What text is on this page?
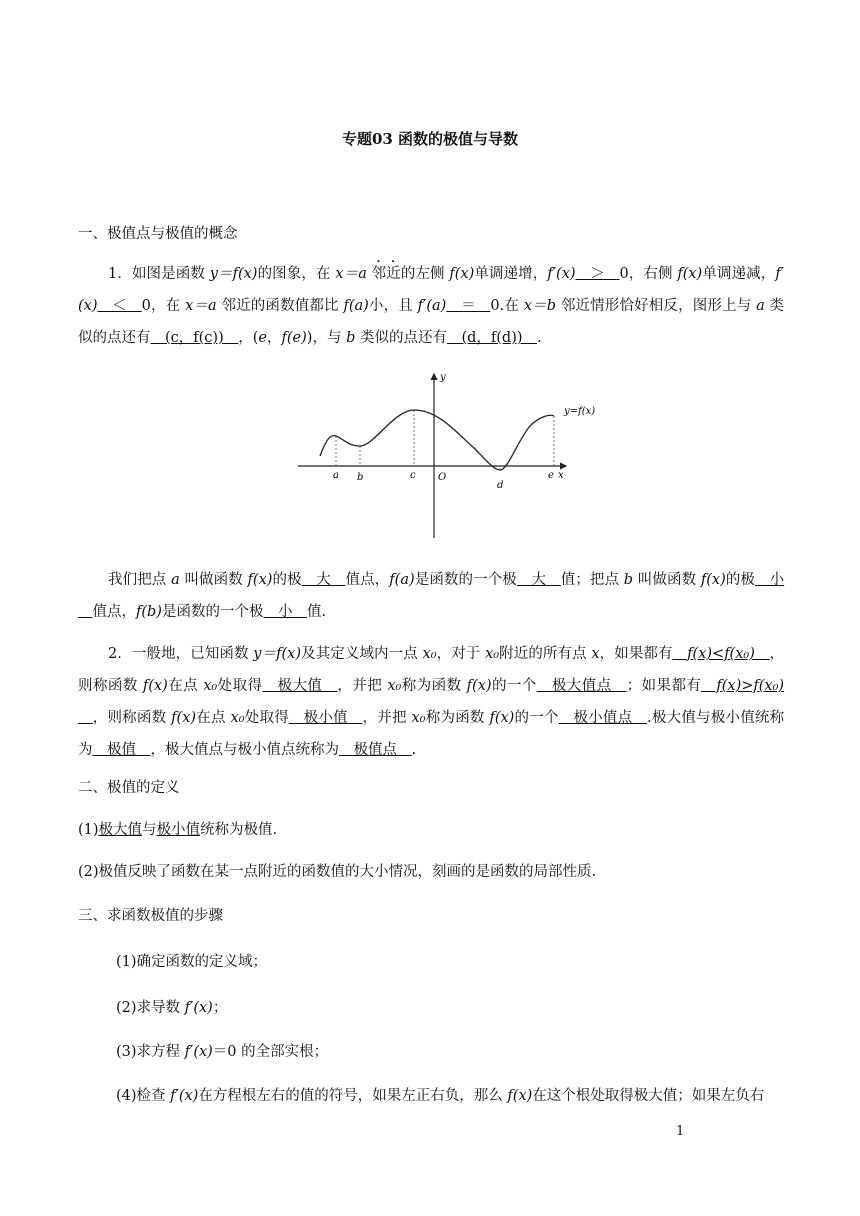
专题03 函数的极值与导数
一、极值点与极值的概念
1．如图是函数 y＝f(x)的图象，在 x＝a 邻近的左侧 f(x)单调递增，f′(x)＿＞＿0，右侧 f(x)单调递减，f′(x)＿＜＿0，在 x＝a 邻近的函数值都比 f(a)小，且 f′(a)＿＝＿0.在 x＝b 邻近情形恰好相反，图形上与 a 类似的点还有＿(c，f(c))＿，(e，f(e))，与 b 类似的点还有＿(d，f(d))＿.
a b	c
d
e
O	x
y
y=f(x)
我们把点 a 叫做函数 f(x)的极＿大＿值点，f(a)是函数的一个极＿大＿值；把点 b 叫做函数 f(x)的极＿小＿值点，f(b)是函数的一个极＿小＿值.
2．一般地，已知函数 y＝f(x)及其定义域内一点 x₀，对于 x₀附近的所有点 x，如果都有＿f(x)<f(x₀)＿，则称函数 f(x)在点 x₀处取得＿极大值＿，并把 x₀称为函数 f(x)的一个＿极大值点＿；如果都有＿f(x)>f(x₀)＿，则称函数 f(x)在点 x₀处取得＿极小值＿，并把 x₀称为函数 f(x)的一个＿极小值点＿.极大值与极小值统称为＿极值＿，极大值点与极小值点统称为＿极值点＿.
二、极值的定义
(1)极大值与极小值统称为极值.
(2)极值反映了函数在某一点附近的函数值的大小情况，刻画的是函数的局部性质.
三、求函数极值的步骤
(1)确定函数的定义域；
(2)求导数 f′(x)；
(3)求方程 f′(x)＝0 的全部实根；
(4)检查 f′(x)在方程根左右的值的符号，如果左正右负，那么 f(x)在这个根处取得极大值；如果左负右
1
